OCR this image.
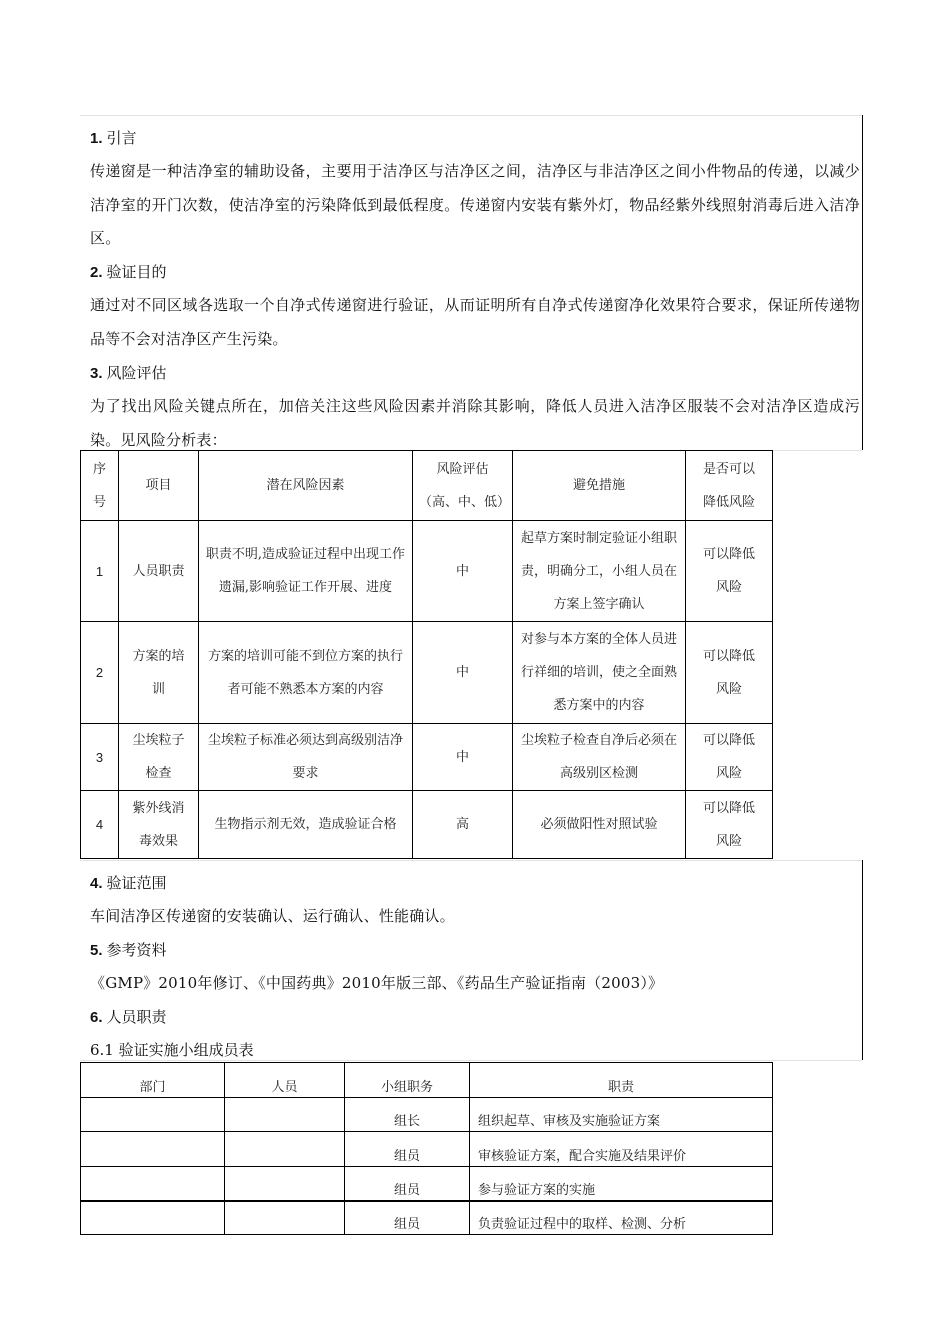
1. 引言
传递窗是一种洁净室的辅助设备，主要用于洁净区与洁净区之间，洁净区与非洁净区之间小件物品的传递，以减少洁净室的开门次数，使洁净室的污染降低到最低程度。传递窗内安装有紫外灯，物品经紫外线照射消毒后进入洁净区。
2. 验证目的
通过对不同区域各选取一个自净式传递窗进行验证，从而证明所有自净式传递窗净化效果符合要求，保证所传递物品等不会对洁净区产生污染。
3. 风险评估
为了找出风险关键点所在，加倍关注这些风险因素并消除其影响，降低人员进入洁净区服装不会对洁净区造成污染。见风险分析表：
序号	项目	潜在风险因素	风险评估（高、中、低）	避免措施	是否可以降低风险
1	人员职责	职责不明,造成验证过程中出现工作遗漏,影响验证工作开展、进度	中	起草方案时制定验证小组职责，明确分工，小组人员在方案上签字确认	可以降低风险
2	方案的培训	方案的培训可能不到位方案的执行者可能不熟悉本方案的内容	中	对参与本方案的全体人员进行祥细的培训，使之全面熟悉方案中的内容	可以降低风险
3	尘埃粒子检查	尘埃粒子标准必须达到高级别洁净要求	中	尘埃粒子检查自净后必须在高级别区检测	可以降低风险
4	紫外线消毒效果	生物指示剂无效，造成验证合格	高	必须做阳性对照试验	可以降低风险
4. 验证范围
车间洁净区传递窗的安装确认、运行确认、性能确认。
5. 参考资料
《GMP》2010年修订、《中国药典》2010年版三部、《药品生产验证指南（2003）》
6. 人员职责
6.1 验证实施小组成员表
部门	人员	小组职务	职责
		组长	组织起草、审核及实施验证方案
		组员	审核验证方案，配合实施及结果评价
		组员	参与验证方案的实施
		组员	负责验证过程中的取样、检测、分析
